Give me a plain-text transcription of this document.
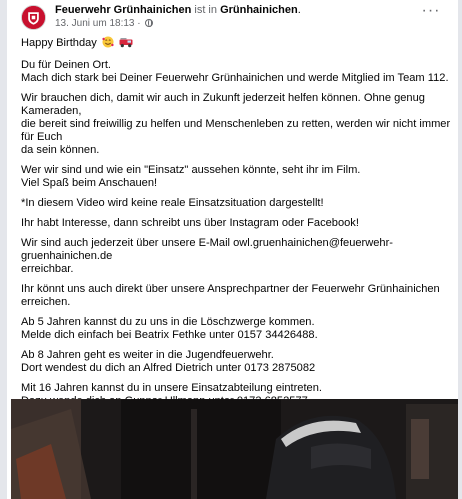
Feuerwehr Grünhainichen ist in Grünhainichen.
13. Juni um 18:13 ·
···

Happy Birthday

Du für Deinen Ort.
Mach dich stark bei Deiner Feuerwehr Grünhainichen und werde Mitglied im Team 112.

Wir brauchen dich, damit wir auch in Zukunft jederzeit helfen können. Ohne genug Kameraden,
die bereit sind freiwillig zu helfen und Menschenleben zu retten, werden wir nicht immer für Euch
da sein können.

Wer wir sind und wie ein "Einsatz" aussehen könnte, seht ihr im Film.
Viel Spaß beim Anschauen!

*In diesem Video wird keine reale Einsatzsituation dargestellt!

Ihr habt Interesse, dann schreibt uns über Instagram oder Facebook!

Wir sind auch jederzeit über unsere E-Mail owl.gruenhainichen@feuerwehr-gruenhainichen.de
erreichbar.

Ihr könnt uns auch direkt über unsere Ansprechpartner der Feuerwehr Grünhainichen erreichen.

Ab 5 Jahren kannst du zu uns in die Löschzwerge kommen.
Melde dich einfach bei Beatrix Fethke unter 0157 34426488.

Ab 8 Jahren geht es weiter in die Jugendfeuerwehr.
Dort wendest du dich an Alfred Dietrich unter 0173 2875082

Mit 16 Jahren kannst du in unsere Einsatzabteilung eintreten.
